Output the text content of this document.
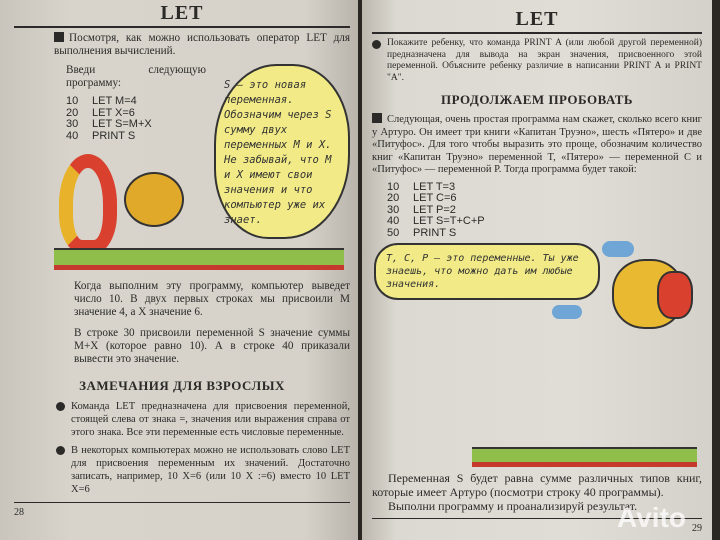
LET
Посмотря, как можно использовать оператор LET для выполнения вычислений.
Введи следующую программу:
10 LET M=4
20 LET X=6
30 LET S=M+X
40 PRINT S
S – это новая переменная. Обозначим через S сумму двух переменных M и X. Не забывай, что M и X имеют свои значения и что компьютер уже их знает.
Когда выполним эту программу, компьютер выведет число 10. В двух первых строках мы присвоили M значение 4, а X значение 6.
В строке 30 присвоили переменной S значение суммы M+X (которое равно 10). А в строке 40 приказали вывести это значение.
ЗАМЕЧАНИЯ ДЛЯ ВЗРОСЛЫХ
Команда LET предназначена для присвоения переменной, стоящей слева от знака =, значения или выражения справа от этого знака. Все эти переменные есть числовые переменные.
В некоторых компьютерах можно не использовать слово LET для присвоения переменным их значений. Достаточно записать, например, 10 X=6 (или 10 X :=6) вместо 10 LET X=6
28
LET
Покажите ребенку, что команда PRINT A (или любой другой переменной) предназначена для вывода на экран значения, присвоенного этой переменной. Объясните ребенку различие в написании PRINT A и PRINT "A".
ПРОДОЛЖАЕМ ПРОБОВАТЬ
Следующая, очень простая программа нам скажет, сколько всего книг у Артуро. Он имеет три книги «Капитан Труэно», шесть «Пятеро» и две «Питуфос». Для того чтобы выразить это проще, обозначим количество книг «Капитан Труэно» переменной T, «Пятеро» — переменной C и «Питуфос» — переменной P. Тогда программа будет такой:
10 LET T=3
20 LET C=6
30 LET P=2
40 LET S=T+C+P
50 PRINT S
T, C, P – это переменные. Ты уже знаешь, что можно дать им любые значения.
Переменная S будет равна сумме различных типов книг, которые имеет Артуро (посмотри строку 40 программы).
Выполни программу и проанализируй результат.
29
Avito
